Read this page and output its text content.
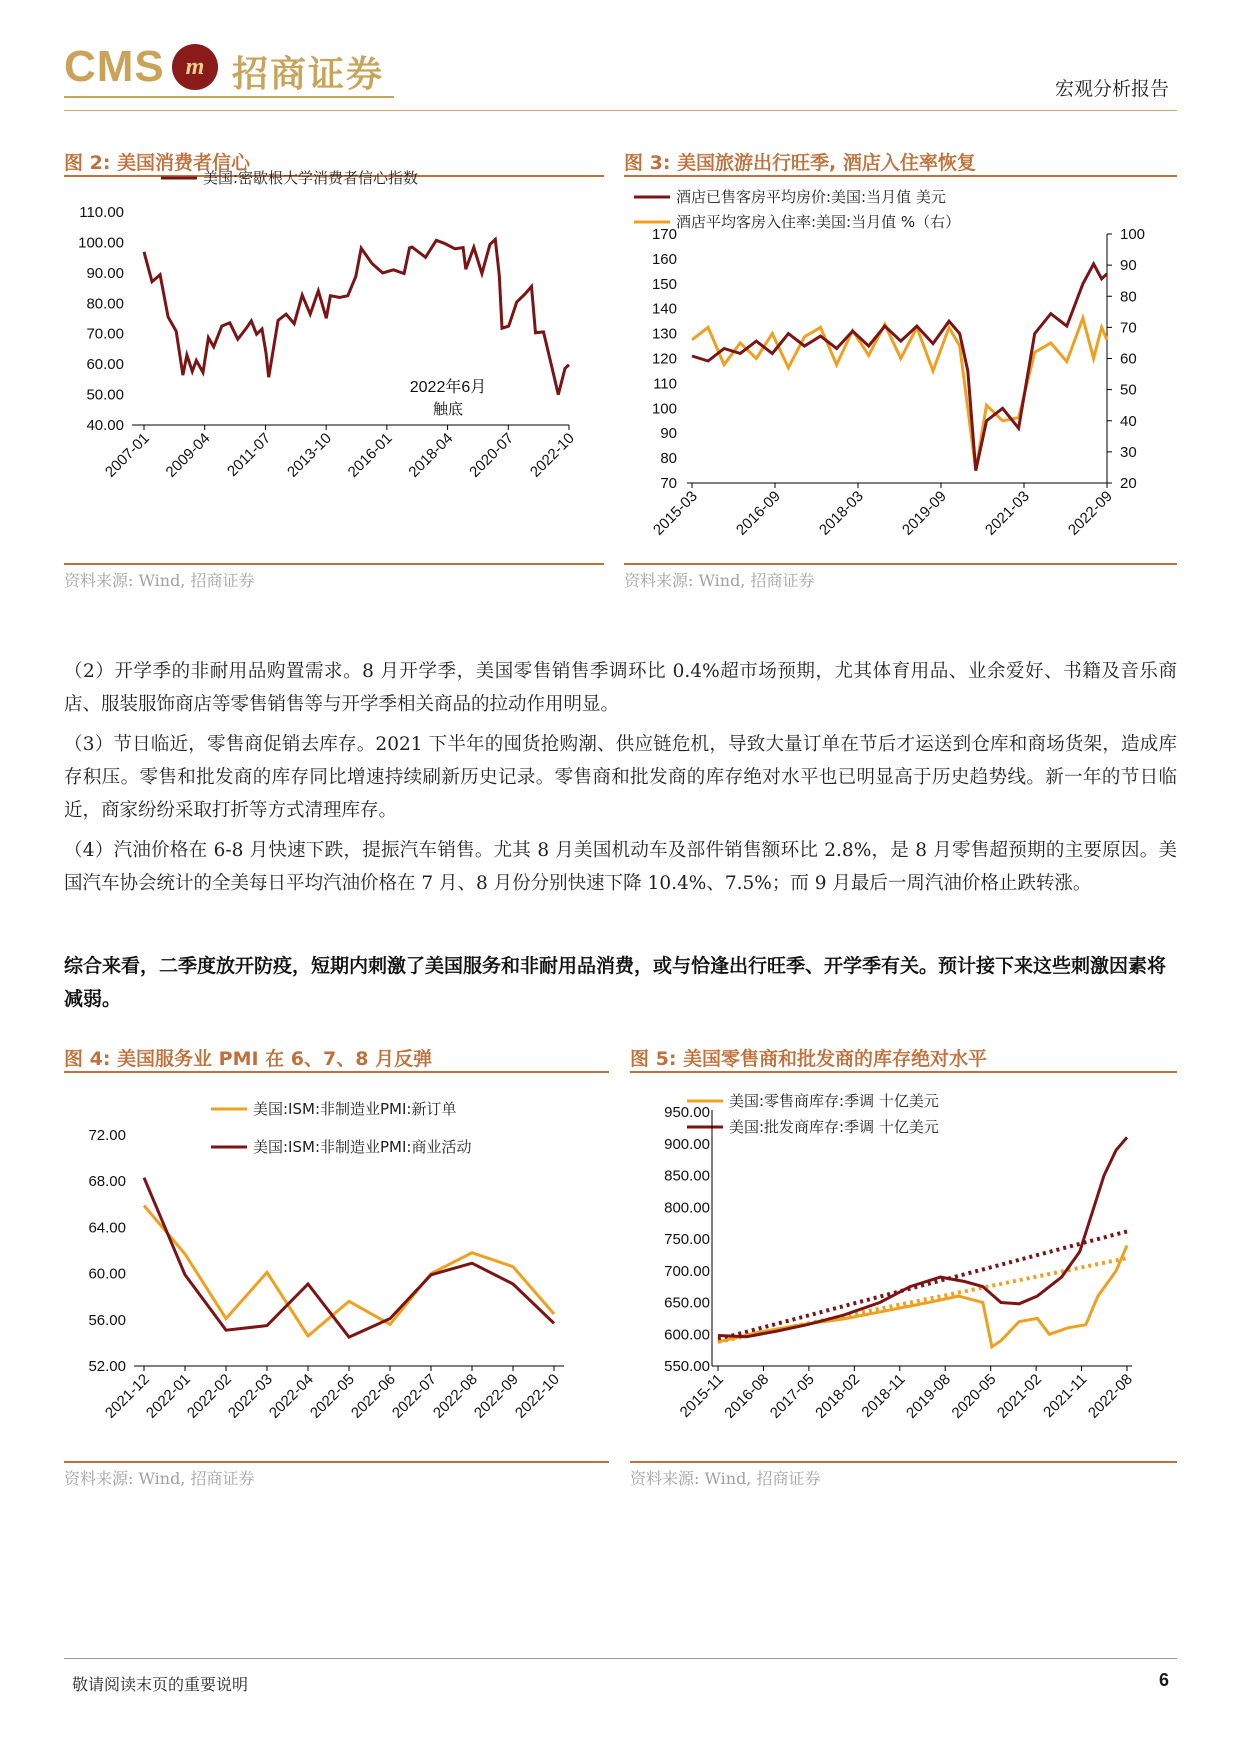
CMS m 招商证券	宏观分析报告
图 2: 美国消费者信心
美国:密歇根大学消费者信心指数
110.00
100.00
90.00
80.00
70.00
60.00
50.00
40.00
2007-01 2009-04 2011-07 2013-10 2016-01 2018-04 2020-07 2022-10
2022年6月
触底
资料来源: Wind, 招商证券
图 3: 美国旅游出行旺季, 酒店入住率恢复
酒店已售客房平均房价:美国:当月值 美元
酒店平均客房入住率:美国:当月值 %（右）
170
160
150
140
130
120
110
100
90
80
70
100
90
80
70
60
50
40
30
20
2015-03 2016-09 2018-03 2019-09 2021-03 2022-09
资料来源: Wind, 招商证券
（2）开学季的非耐用品购置需求。8 月开学季，美国零售销售季调环比 0.4%超市场预期，尤其体育用品、业余爱好、书籍及音乐商店、服装服饰商店等零售销售等与开学季相关商品的拉动作用明显。
（3）节日临近，零售商促销去库存。2021 下半年的囤货抢购潮、供应链危机，导致大量订单在节后才运送到仓库和商场货架，造成库存积压。零售和批发商的库存同比增速持续刷新历史记录。零售商和批发商的库存绝对水平也已明显高于历史趋势线。新一年的节日临近，商家纷纷采取打折等方式清理库存。
（4）汽油价格在 6-8 月快速下跌，提振汽车销售。尤其 8 月美国机动车及部件销售额环比 2.8%，是 8 月零售超预期的主要原因。美国汽车协会统计的全美每日平均汽油价格在 7 月、8 月份分别快速下降 10.4%、7.5%；而 9 月最后一周汽油价格止跌转涨。
综合来看，二季度放开防疫，短期内刺激了美国服务和非耐用品消费，或与恰逢出行旺季、开学季有关。预计接下来这些刺激因素将减弱。
图 4: 美国服务业 PMI 在 6、7、8 月反弹
美国:ISM:非制造业PMI:新订单
美国:ISM:非制造业PMI:商业活动
72.00
68.00
64.00
60.00
56.00
52.00
2021-12
2022-01
2022-02
2022-03
2022-04
2022-05
2022-06
2022-07
2022-08
2022-09
2022-10
资料来源: Wind, 招商证券
图 5: 美国零售商和批发商的库存绝对水平
美国:零售商库存:季调 十亿美元
美国:批发商库存:季调 十亿美元
950.00
900.00
850.00
800.00
750.00
700.00
650.00
600.00
550.00
2015-11
2016-08
2017-05
2018-02
2018-11
2019-08
2020-05
2021-02
2021-11
2022-08
资料来源: Wind, 招商证券
敬请阅读末页的重要说明	6
